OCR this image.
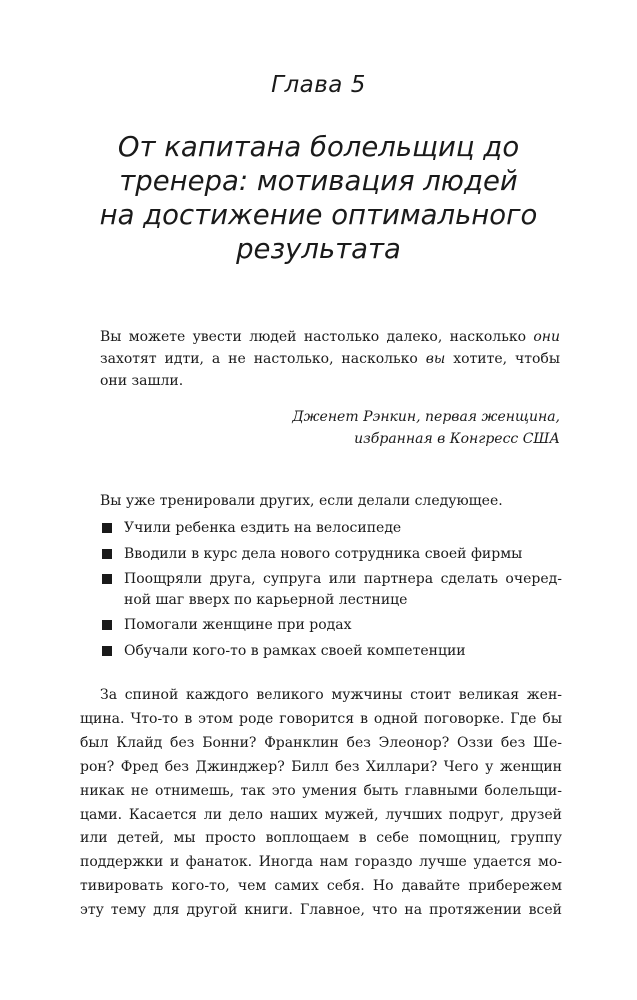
Глава 5
От капитана болельщиц до
тренера: мотивация людей
на достижение оптимального
результата
Вы можете увести людей настолько далеко, насколько они
захотят идти, а не настолько, насколько вы хотите, чтобы
они зашли.
Дженет Рэнкин, первая женщина,
избранная в Конгресс США
Вы уже тренировали других, если делали следующее.
Учили ребенка ездить на велосипеде
Вводили в курс дела нового сотрудника своей фирмы
Поощряли друга, супруга или партнера сделать очеред-
ной шаг вверх по карьерной лестнице
Помогали женщине при родах
Обучали кого-то в рамках своей компетенции
За спиной каждого великого мужчины стоит великая жен-
щина. Что-то в этом роде говорится в одной поговорке. Где бы
был Клайд без Бонни? Франклин без Элеонор? Оззи без Ше-
рон? Фред без Джинджер? Билл без Хиллари? Чего у женщин
никак не отнимешь, так это умения быть главными болельщи-
цами. Касается ли дело наших мужей, лучших подруг, друзей
или детей, мы просто воплощаем в себе помощниц, группу
поддержки и фанаток. Иногда нам гораздо лучше удается мо-
тивировать кого-то, чем самих себя. Но давайте прибережем
эту тему для другой книги. Главное, что на протяжении всей
